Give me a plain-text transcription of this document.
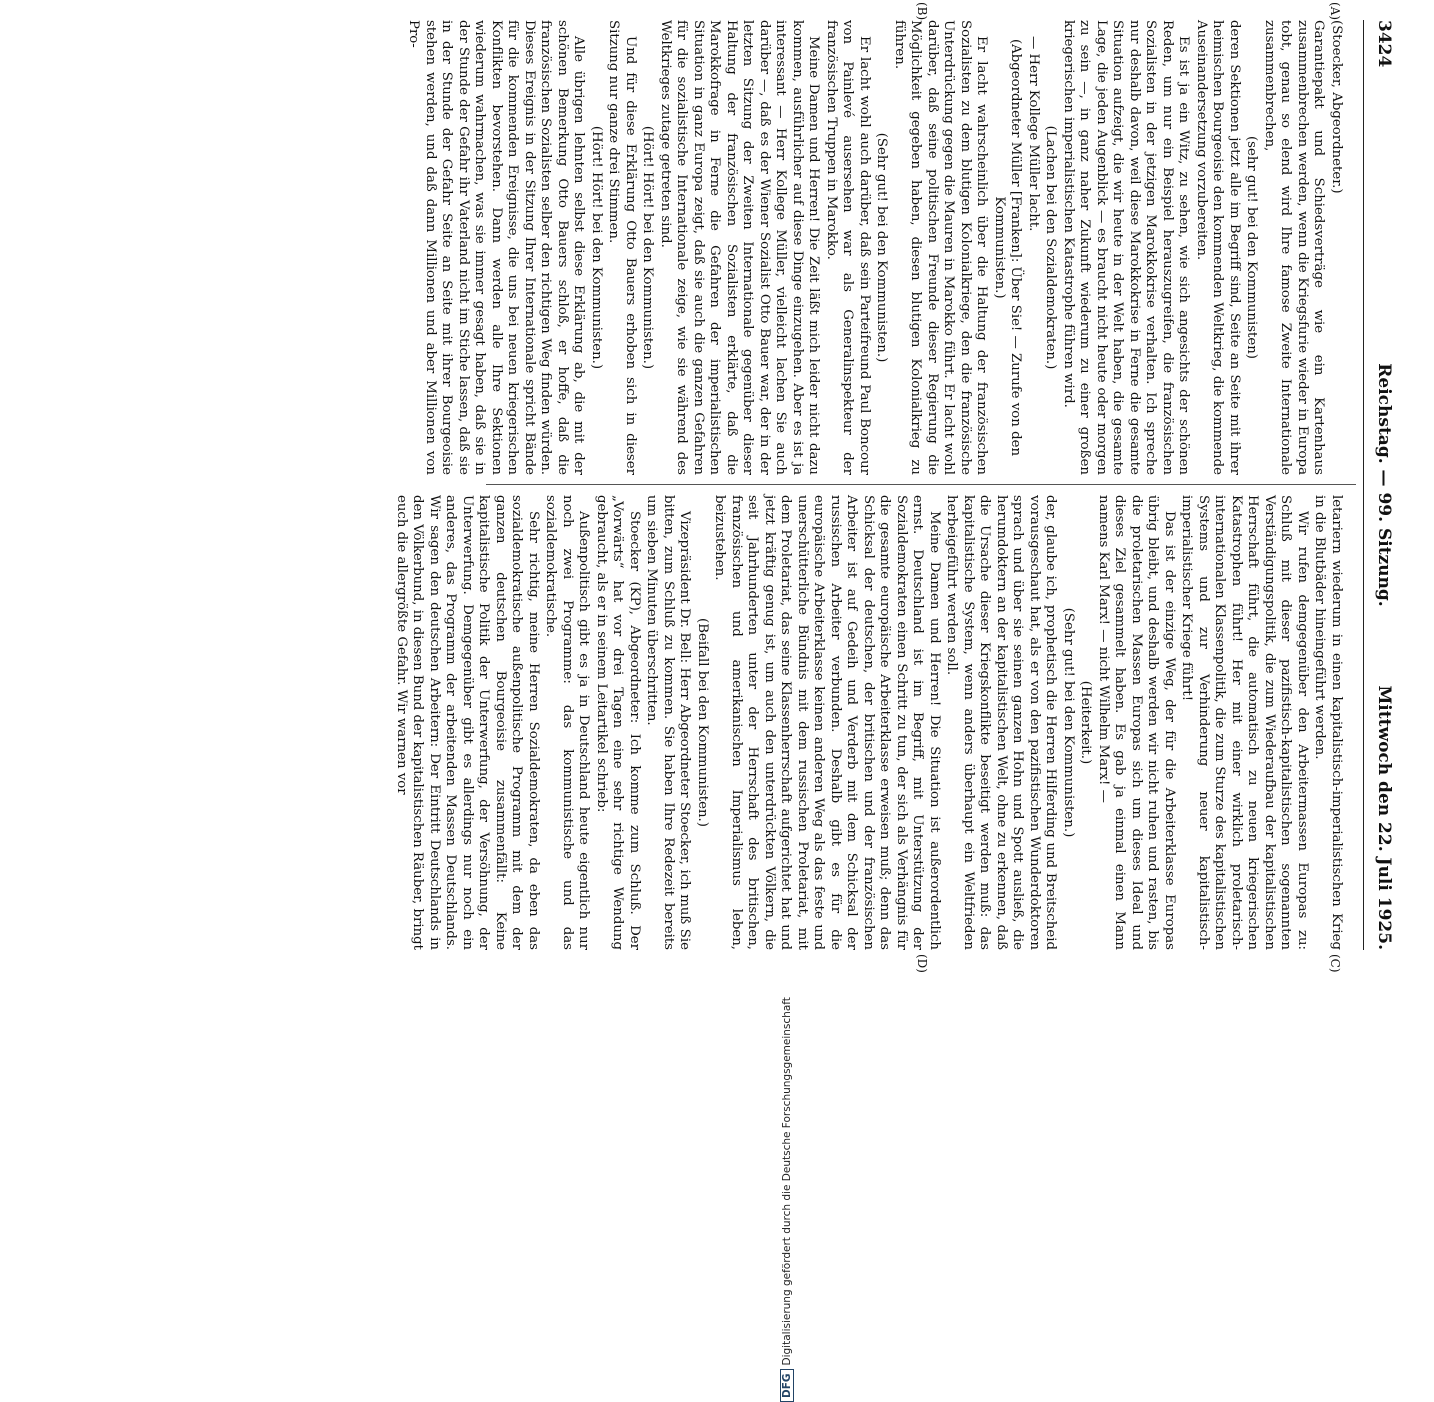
3424
Reichstag. — 99. Sitzung.
Mittwoch den 22. Juli 1925.
(A)
(B)
(C)
(D)

(Stoecker, Abgeordneter.)

Garantiepakt und Schiedsverträge wie ein Kartenhaus zusammenbrechen werden, wenn die Kriegsfurie wieder in Europa tobt, genau so elend wird Ihre famose Zweite Internationale zusammenbrechen,

(sehr gut! bei den Kommunisten)

deren Sektionen jetzt alle im Begriff sind, Seite an Seite mit ihrer heimischen Bourgeoisie den kommenden Weltkrieg, die kommende Auseinandersetzung vorzubereiten.

Es ist ja ein Witz, zu sehen, wie sich angesichts der schönen Reden, um nur ein Beispiel herauszugreifen, die französischen Sozialisten in der jetzigen Marokkokrise verhalten. Ich spreche nur deshalb davon, weil diese Marokkokrise in Ferne die gesamte Situation aufzeigt, die wir heute in der Welt haben, die gesamte Lage, die jeden Augenblick — es braucht nicht heute oder morgen zu sein —, in ganz naher Zukunft wiederum zu einer großen kriegerischen imperialistischen Katastrophe führen wird.

(Lachen bei den Sozialdemokraten.)

— Herr Kollege Müller lacht.

(Abgeordneter Müller [Franken]: Über Sie! — Zurufe von den Kommunisten.)

Er lacht wahrscheinlich über die Haltung der französischen Sozialisten zu dem blutigen Kolonialkriege, den die französische Unterdrückung gegen die Mauren in Marokko führt. Er lacht wohl darüber, daß seine politischen Freunde dieser Regierung die Möglichkeit gegeben haben, diesen blutigen Kolonialkrieg zu führen.

(Sehr gut! bei den Kommunisten.)

Er lacht wohl auch darüber, daß sein Parteifreund Paul Boncour von Painlevé ausersehen war als Generalinspekteur der französischen Truppen in Marokko.

Meine Damen und Herren! Die Zeit läßt mich leider nicht dazu kommen, ausführlicher auf diese Dinge einzugehen. Aber es ist ja interessant — Herr Kollege Müller, vielleicht lachen Sie auch darüber —, daß es der Wiener Sozialist Otto Bauer war, der in der letzten Sitzung der Zweiten Internationale gegenüber dieser Haltung der französischen Sozialisten erklärte, daß die Marokkofrage in Ferne die Gefahren der imperialistischen Situation in ganz Europa zeigt, daß sie auch die ganzen Gefahren für die sozialistische Internationale zeige, wie sie während des Weltkrieges zutage getreten sind.

(Hört! Hört! bei den Kommunisten.)

Und für diese Erklärung Otto Bauers erhoben sich in dieser Sitzung nur ganze drei Stimmen.

(Hört! Hört! bei den Kommunisten.)

Alle übrigen lehnten selbst diese Erklärung ab, die mit der schönen Bemerkung Otto Bauers schloß, er hoffe, daß die französischen Sozialisten selber den richtigen Weg finden würden. Dieses Ereignis in der Sitzung Ihrer Internationale spricht Bände für die kommenden Ereignisse, die uns bei neuen kriegerischen Konflikten bevorstehen. Dann werden alle Ihre Sektionen wiederum wahrmachen, was sie immer gesagt haben, daß sie in der Stunde der Gefahr ihr Vaterland nicht im Stiche lassen, daß sie in der Stunde der Gefahr Seite an Seite mit ihrer Bourgeoisie stehen werden, und daß dann Millionen und aber Millionen von Pro-

letariern wiederum in einen kapitalistisch-imperialistischen Krieg in die Blutbäder hineingeführt werden.

Wir rufen demgegenüber den Arbeitermassen Europas zu: Schluß mit dieser pazifistisch-kapitalistischen sogenannten Verständigungspolitik, die zum Wiederaufbau der kapitalistischen Herrschaft führt, die automatisch zu neuen kriegerischen Katastrophen führt! Her mit einer wirklich proletarisch-internationalen Klassenpolitik, die zum Sturze des kapitalistischen Systems und zur Verhinderung neuer kapitalistisch-imperialistischer Kriege führt!

Das ist der einzige Weg, der für die Arbeiterklasse Europas übrig bleibt, und deshalb werden wir nicht ruhen und rasten, bis die proletarischen Massen Europas sich um dieses Ideal und dieses Ziel gesammelt haben. Es gab ja einmal einen Mann namens Karl Marx! — nicht Wilhelm Marx! —

(Heiterkeit.)

(Sehr gut! bei den Kommunisten.)

der, glaube ich, prophetisch die Herren Hilferding und Breitscheid vorausgeschaut hat, als er von den pazifistischen Wunderdoktoren sprach und über sie seinen ganzen Hohn und Spott ausließ, die herumdoktern an der kapitalistischen Welt, ohne zu erkennen, daß die Ursache dieser Kriegskonflikte beseitigt werden muß: das kapitalistische System, wenn anders überhaupt ein Weltfrieden herbeigeführt werden soll.

Meine Damen und Herren! Die Situation ist außerordentlich ernst. Deutschland ist im Begriff, mit Unterstützung der Sozialdemokraten einen Schritt zu tun, der sich als Verhängnis für die gesamte europäische Arbeiterklasse erweisen muß; denn das Schicksal der deutschen, der britischen und der französischen Arbeiter ist auf Gedeih und Verderb mit dem Schicksal der russischen Arbeiter verbunden. Deshalb gibt es für die europäische Arbeiterklasse keinen anderen Weg als das feste und unerschütterliche Bündnis mit dem russischen Proletariat, mit dem Proletariat, das seine Klassenherrschaft aufgerichtet hat und jetzt kräftig genug ist, um auch den unterdrückten Völkern, die seit Jahrhunderten unter der Herrschaft des britischen, französischen und amerikanischen Imperialismus leben, beizustehen.

(Beifall bei den Kommunisten.)

Vizepräsident Dr. Bell: Herr Abgeordneter Stoecker, ich muß Sie bitten, zum Schluß zu kommen. Sie haben Ihre Redezeit bereits um sieben Minuten überschritten.

Stoecker (KP), Abgeordneter: Ich komme zum Schluß. Der „Vorwärts“ hat vor drei Tagen eine sehr richtige Wendung gebraucht, als er in seinem Leitartikel schrieb:

Außenpolitisch gibt es ja in Deutschland heute eigentlich nur noch zwei Programme: das kommunistische und das sozialdemokratische.

Sehr richtig, meine Herren Sozialdemokraten, da eben das sozialdemokratische außenpolitische Programm mit dem der ganzen deutschen Bourgeoisie zusammenfällt: Keine kapitalistische Politik der Unterwerfung, der Versöhnung, der Unterwerfung. Demgegenüber gibt es allerdings nur noch ein anderes, das Programm der arbeitenden Massen Deutschlands. Wir sagen den deutschen Arbeitern: Der Eintritt Deutschlands in den Völkerbund, in diesen Bund der kapitalistischen Räuber, bringt euch die allergrößte Gefahr. Wir warnen vor

DFGDigitalisierung gefördert durch die Deutsche Forschungsgemeinschaft
